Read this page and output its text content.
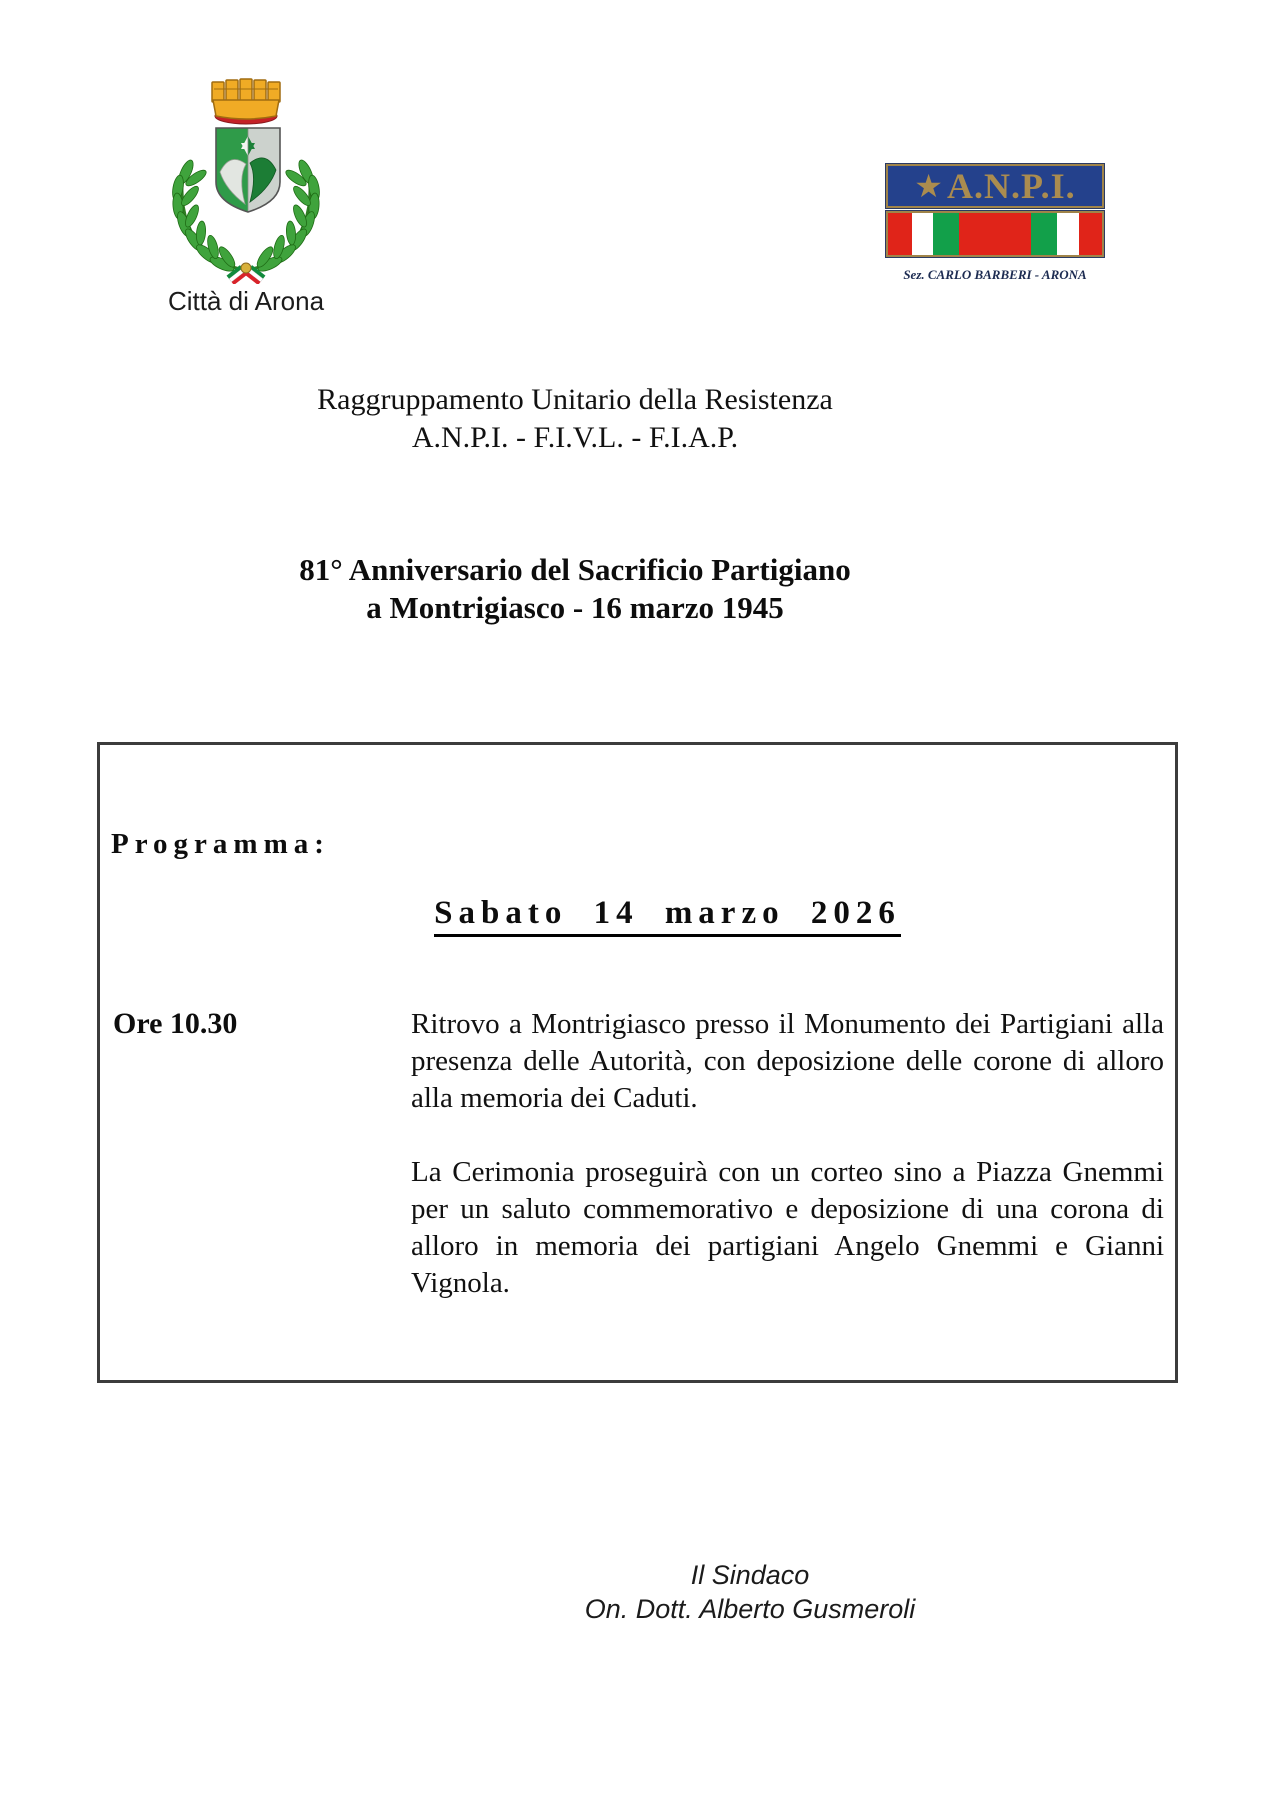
Città di Arona
★ A.N.P.I.
Sez. CARLO BARBERI - ARONA
Raggruppamento Unitario della Resistenza
A.N.P.I. - F.I.V.L. - F.I.A.P.
81° Anniversario del Sacrificio Partigiano
a Montrigiasco - 16 marzo 1945
Programma:
Sabato 14 marzo 2026
Ore 10.30	Ritrovo a Montrigiasco presso il Monumento dei Partigiani alla presenza delle Autorità, con deposizione delle corone di alloro alla memoria dei Caduti.

La Cerimonia proseguirà con un corteo sino a Piazza Gnemmi per un saluto commemorativo e deposizione di una corona di alloro in memoria dei partigiani Angelo Gnemmi e Gianni Vignola.

Il Sindaco
On. Dott. Alberto Gusmeroli
